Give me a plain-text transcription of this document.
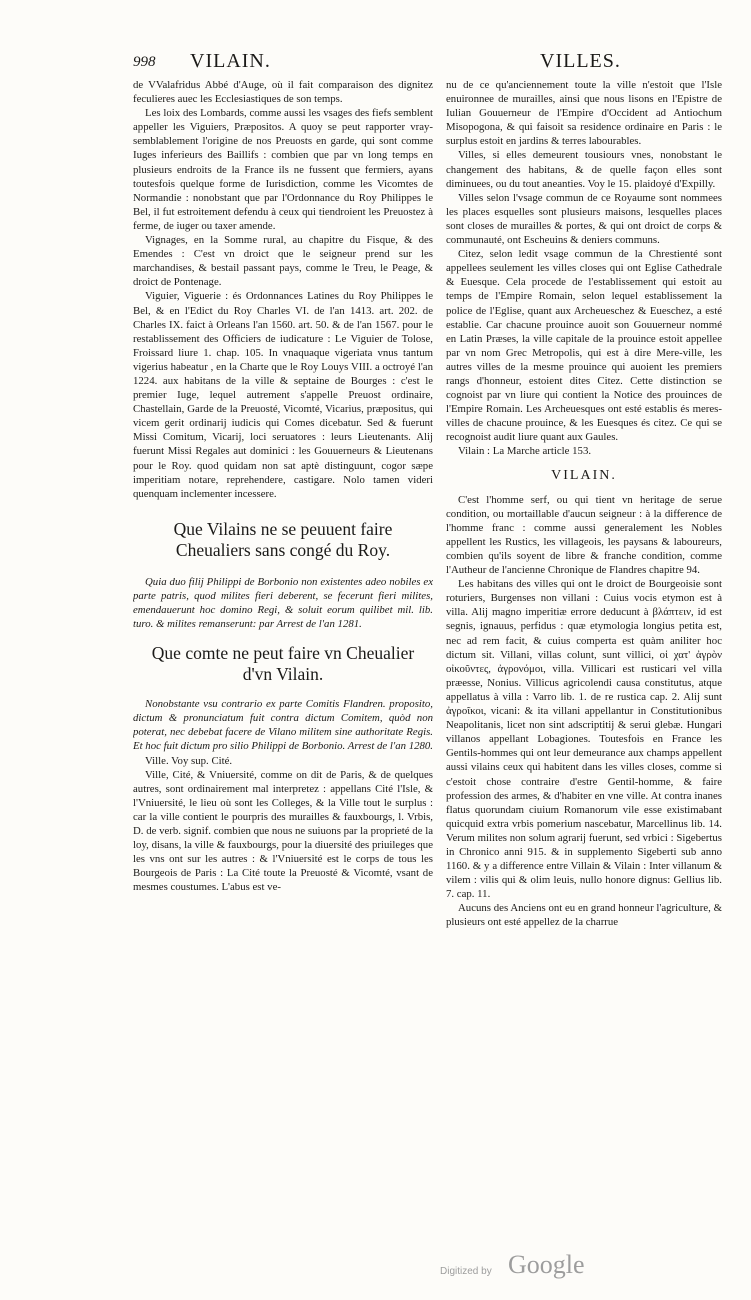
998 VILAIN.	VILLES.

de VValafridus Abbé d'Auge, où il fait comparaison des dignitez feculieres auec les Ecclesiastiques de son temps.

Les loix des Lombards, comme aussi les vsages des fiefs semblent appeller les Viguiers, Præpositos. A quoy se peut rapporter vray-semblablement l'origine de nos Preuosts en garde, qui sont comme Iuges inferieurs des Baillifs : combien que par vn long temps en plusieurs endroits de la France ils ne fussent que fermiers, ayans toutesfois quelque forme de Iurisdiction, comme les Vicomtes de Normandie : nonobstant que par l'Ordonnance du Roy Philippes le Bel, il fut estroitement defendu à ceux qui tiendroient les Preuostez à ferme, de iuger ou taxer amende.

Vignages, en la Somme rural, au chapitre du Fisque, & des Emendes : C'est vn droict que le seigneur prend sur les marchandises, & bestail passant pays, comme le Treu, le Peage, & droict de Pontenage.

Viguier, Viguerie : és Ordonnances Latines du Roy Philippes le Bel, & en l'Edict du Roy Charles VI. de l'an 1413. art. 202. de Charles IX. faict à Orleans l'an 1560. art. 50. & de l'an 1567. pour le restablissement des Officiers de iudicature : Le Viguier de Tolose, Froissard liure 1. chap. 105. In vnaquaque vigeriata vnus tantum vigerius habeatur , en la Charte que le Roy Louys VIII. a octroyé l'an 1224. aux habitans de la ville & septaine de Bourges : c'est le premier Iuge, lequel autrement s'appelle Preuost ordinaire, Chastellain, Garde de la Preuosté, Vicomté, Vicarius, præpositus, qui vicem gerit ordinarij iudicis qui Comes dicebatur. Sed & fuerunt Missi Comitum, Vicarij, loci seruatores : leurs Lieutenants. Alij fuerunt Missi Regales aut dominici : les Gouuerneurs & Lieutenans pour le Roy. quod quidam non sat aptè distinguunt, cogor sæpe imperitiam notare, reprehendere, castigare. Nolo tamen videri quenquam inclementer incessere.

Que Vilains ne se peuuent faire Cheualiers sans congé du Roy.

Quia duo filij Philippi de Borbonio non existentes adeo nobiles ex parte patris, quod milites fieri deberent, se fecerunt fieri milites, emendauerunt hoc domino Regi, & soluit eorum quilibet mil. lib. turo. & milites remanserunt: par Arrest de l'an 1281.

Que comte ne peut faire vn Cheualier d'vn Vilain.

Nonobstante vsu contrario ex parte Comitis Flandren. proposito, dictum & pronunciatum fuit contra dictum Comitem, quòd non poterat, nec debebat facere de Vilano militem sine authoritate Regis. Et hoc fuit dictum pro silio Philippi de Borbonio. Arrest de l'an 1280.

Ville. Voy sup. Cité.

Ville, Cité, & Vniuersité, comme on dit de Paris, & de quelques autres, sont ordinairement mal interpretez : appellans Cité l'Isle, & l'Vniuersité, le lieu où sont les Colleges, & la Ville tout le surplus : car la ville contient le pourpris des murailles & fauxbourgs, l. Vrbis, D. de verb. signif. combien que nous ne suiuons par la proprieté de la loy, disans, la ville & fauxbourgs, pour la diuersité des priuileges que les vns ont sur les autres : & l'Vniuersité est le corps de tous les Bourgeois de Paris : La Cité toute la Preuosté & Vicomté, vsant de mesmes coustumes. L'abus est ve-

nu de ce qu'anciennement toute la ville n'estoit que l'Isle enuironnee de murailles, ainsi que nous lisons en l'Epistre de Iulian Gouuerneur de l'Empire d'Occident ad Antiochum Misopogona, & qui faisoit sa residence ordinaire en Paris : le surplus estoit en jardins & terres labourables.

Villes, si elles demeurent tousiours vnes, nonobstant le changement des habitans, & de quelle façon elles sont diminuees, ou du tout aneanties. Voy le 15. plaidoyé d'Expilly.

Villes selon l'vsage commun de ce Royaume sont nommees les places esquelles sont plusieurs maisons, lesquelles places sont closes de murailles & portes, & qui ont droict de corps & communauté, ont Escheuins & deniers communs.

Citez, selon ledit vsage commun de la Chrestienté sont appellees seulement les villes closes qui ont Eglise Cathedrale & Euesque. Cela procede de l'establissement qui estoit au temps de l'Empire Romain, selon lequel establissement la police de l'Eglise, quant aux Archeueschez & Eueschez, a esté establie. Car chacune prouince auoit son Gouuerneur nommé en Latin Præses, la ville capitale de la prouince estoit appellee par vn nom Grec Metropolis, qui est à dire Mere-ville, les autres villes de la mesme prouince qui auoient les premiers rangs d'honneur, estoient dites Citez. Cette distinction se cognoist par vn liure qui contient la Notice des prouinces de l'Empire Romain. Les Archeuesques ont esté establis és meres-villes de chacune prouince, & les Euesques és citez. Ce qui se recognoist audit liure quant aux Gaules.

Vilain : La Marche article 153.

VILAIN.

C'est l'homme serf, ou qui tient vn heritage de serue condition, ou mortaillable d'aucun seigneur : à la difference de l'homme franc : comme aussi generalement les Nobles appellent les Rustics, les villageois, les paysans & laboureurs, combien qu'ils soyent de libre & franche condition, comme l'Autheur de l'ancienne Chronique de Flandres chapitre 94.

Les habitans des villes qui ont le droict de Bourgeoisie sont roturiers, Burgenses non villani : Cuius vocis etymon est à villa. Alij magno imperitiæ errore deducunt à βλάπτειν, id est segnis, ignauus, perfidus : quæ etymologia longius petita est, nec ad rem facit, & cuius comperta est quàm aniliter hoc dictum sit. Villani, villas colunt, sunt villici, οἱ χατ' ἀγρὸν οἰκοῦντες, ἀγρονόμοι, villa. Villicari est rusticari vel villa præesse, Nonius. Villicus agricolendi causa constitutus, atque appellatus à villa : Varro lib. 1. de re rustica cap. 2. Alij sunt ἀγροῖκοι, vicani: & ita villani appellantur in Constitutionibus Neapolitanis, licet non sint adscriptitij & serui glebæ. Hungari villanos appellant Lobagiones. Toutesfois en France les Gentils-hommes qui ont leur demeurance aux champs appellent aussi vilains ceux qui habitent dans les villes closes, comme si c'estoit chose contraire d'estre Gentil-homme, & faire profession des armes, & d'habiter en vne ville. At contra inanes flatus quorundam ciuium Romanorum vile esse existimabant quicquid extra vrbis pomerium nascebatur, Marcellinus lib. 14. Verum milites non solum agrarij fuerunt, sed vrbici : Sigebertus in Chronico anni 915. & in supplemento Sigeberti sub anno 1160. & y a difference entre Villain & Vilain : Inter villanum & vilem : vilis qui & olim leuis, nullo honore dignus: Gellius lib. 7. cap. 11.

Aucuns des Anciens ont eu en grand honneur l'agriculture, & plusieurs ont esté appellez de la charrue

Digitized by Google
